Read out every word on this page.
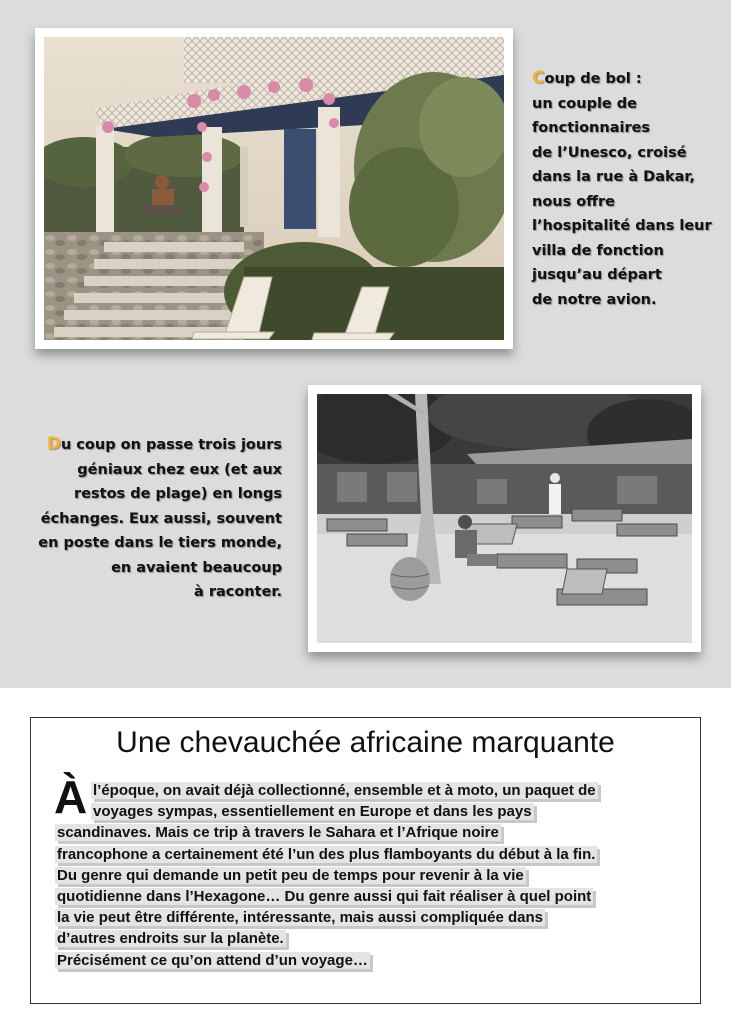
Coup de bol :
un couple de
fonctionnaires
de l’Unesco, croisé
dans la rue à Dakar,
nous offre
l’hospitalité dans leur
villa de fonction
jusqu’au départ
de notre avion.
Du coup on passe trois jours
géniaux chez eux (et aux
restos de plage) en longs
échanges. Eux aussi, souvent
en poste dans le tiers monde,
en avaient beaucoup
à raconter.
Une chevauchée africaine marquante
À l’époque, on avait déjà collectionné, ensemble et à moto, un paquet de
voyages sympas, essentiellement en Europe et dans les pays
scandinaves. Mais ce trip à travers le Sahara et l’Afrique noire
francophone a certainement été l’un des plus flamboyants du début à la fin.
Du genre qui demande un petit peu de temps pour revenir à la vie
quotidienne dans l’Hexagone… Du genre aussi qui fait réaliser à quel point
la vie peut être différente, intéressante, mais aussi compliquée dans
d’autres endroits sur la planète.
Précisément ce qu’on attend d’un voyage…
